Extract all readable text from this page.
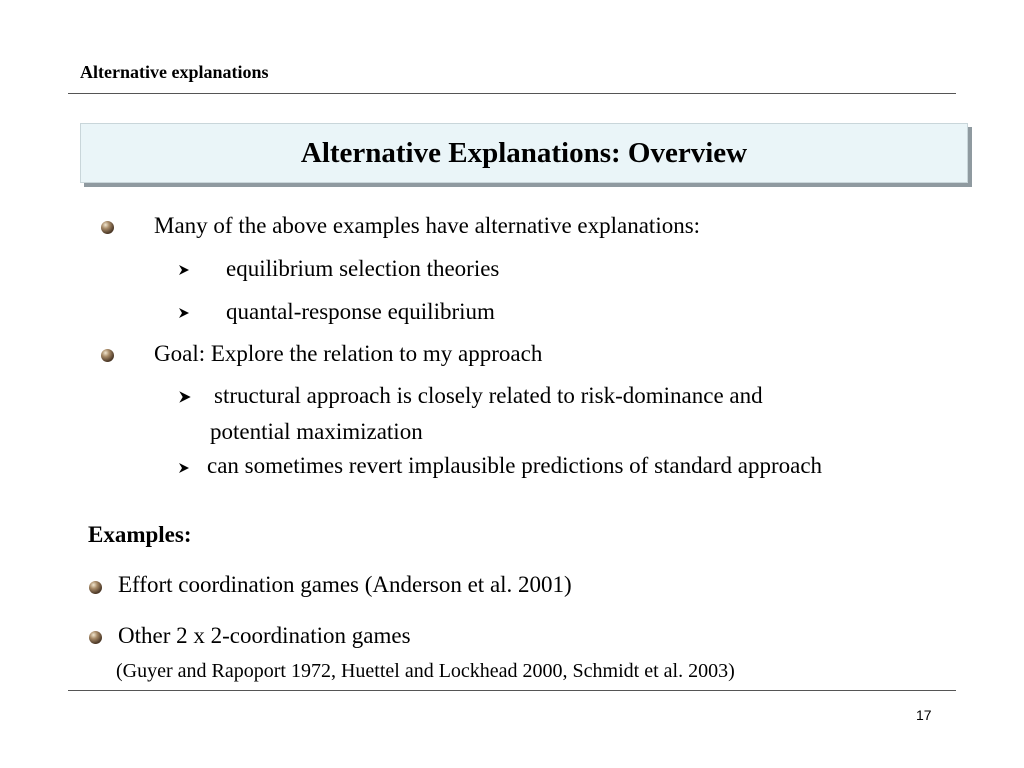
Alternative explanations
Alternative Explanations: Overview
Many of the above examples have alternative explanations:
equilibrium selection theories
quantal-response equilibrium
Goal: Explore the relation to my approach
structural approach is closely related to risk-dominance and
potential maximization
can sometimes revert implausible predictions of standard approach
Examples:
Effort coordination games (Anderson et al. 2001)
Other 2 x 2-coordination games
(Guyer and Rapoport 1972, Huettel and Lockhead 2000, Schmidt et al. 2003)
17
